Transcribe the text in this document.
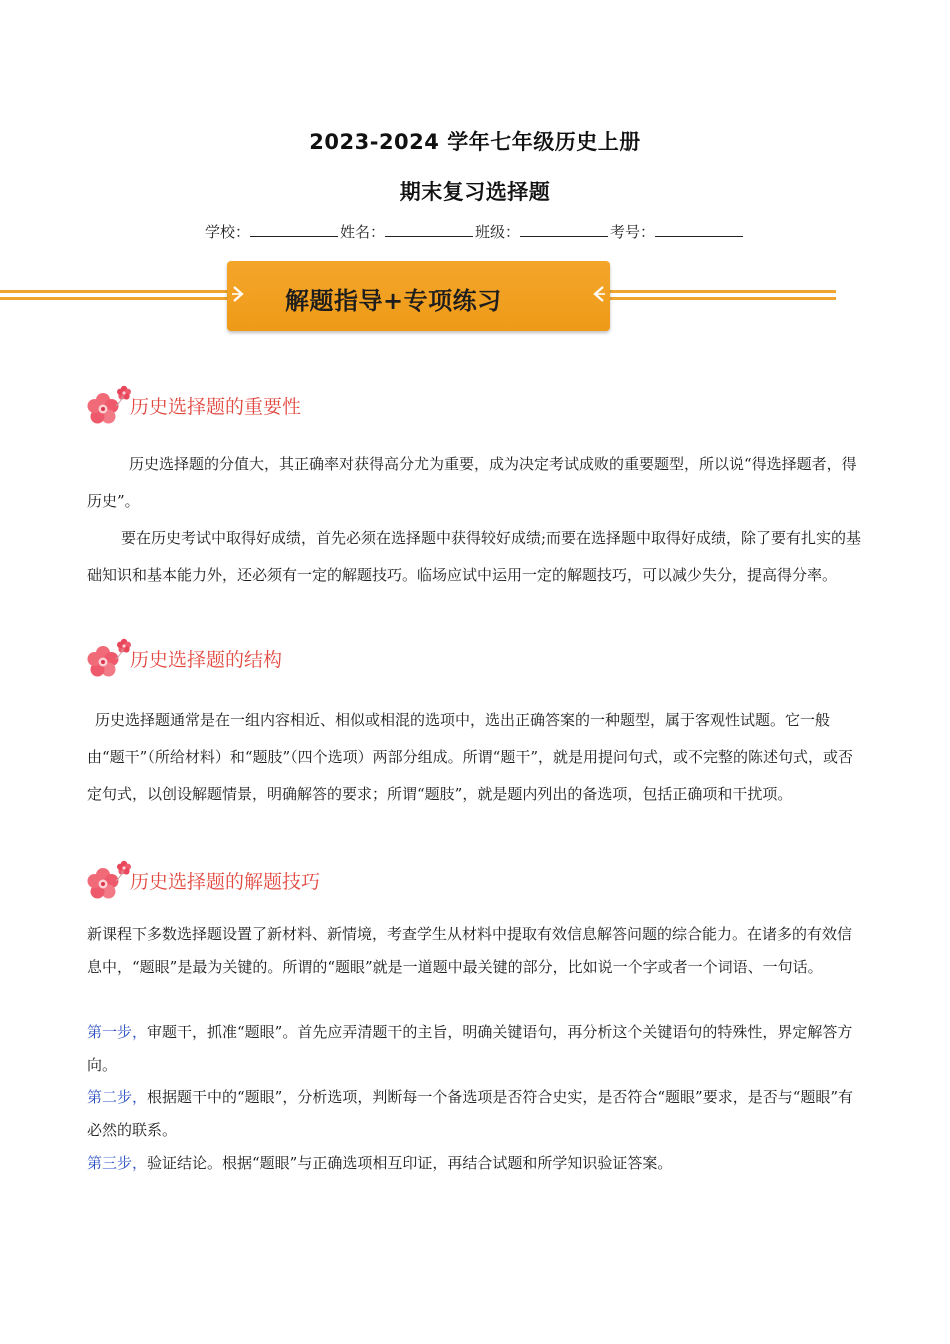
2023-2024 学年七年级历史上册
期末复习选择题
学校：	姓名：	班级：	考号：
解题指导+专项练习
历史选择题的重要性

历史选择题的分值大，其正确率对获得高分尤为重要，成为决定考试成败的重要题型，所以说“得选择题者，得历史”。

要在历史考试中取得好成绩，首先必须在选择题中获得较好成绩;而要在选择题中取得好成绩，除了要有扎实的基础知识和基本能力外，还必须有一定的解题技巧。临场应试中运用一定的解题技巧，可以减少失分，提高得分率。

历史选择题的结构

历史选择题通常是在一组内容相近、相似或相混的选项中，选出正确答案的一种题型，属于客观性试题。它一般由“题干”（所给材料）和“题肢”（四个选项）两部分组成。所谓“题干”，就是用提问句式，或不完整的陈述句式，或否定句式，以创设解题情景，明确解答的要求；所谓“题肢”，就是题内列出的备选项，包括正确项和干扰项。

历史选择题的解题技巧

新课程下多数选择题设置了新材料、新情境，考查学生从材料中提取有效信息解答问题的综合能力。在诸多的有效信息中，“题眼”是最为关键的。所谓的“题眼”就是一道题中最关键的部分，比如说一个字或者一个词语、一句话。

第一步，审题干，抓准“题眼”。首先应弄清题干的主旨，明确关键语句，再分析这个关键语句的特殊性，界定解答方向。

第二步，根据题干中的“题眼”，分析选项，判断每一个备选项是否符合史实，是否符合“题眼”要求，是否与“题眼”有必然的联系。

第三步，验证结论。根据“题眼”与正确选项相互印证，再结合试题和所学知识验证答案。
